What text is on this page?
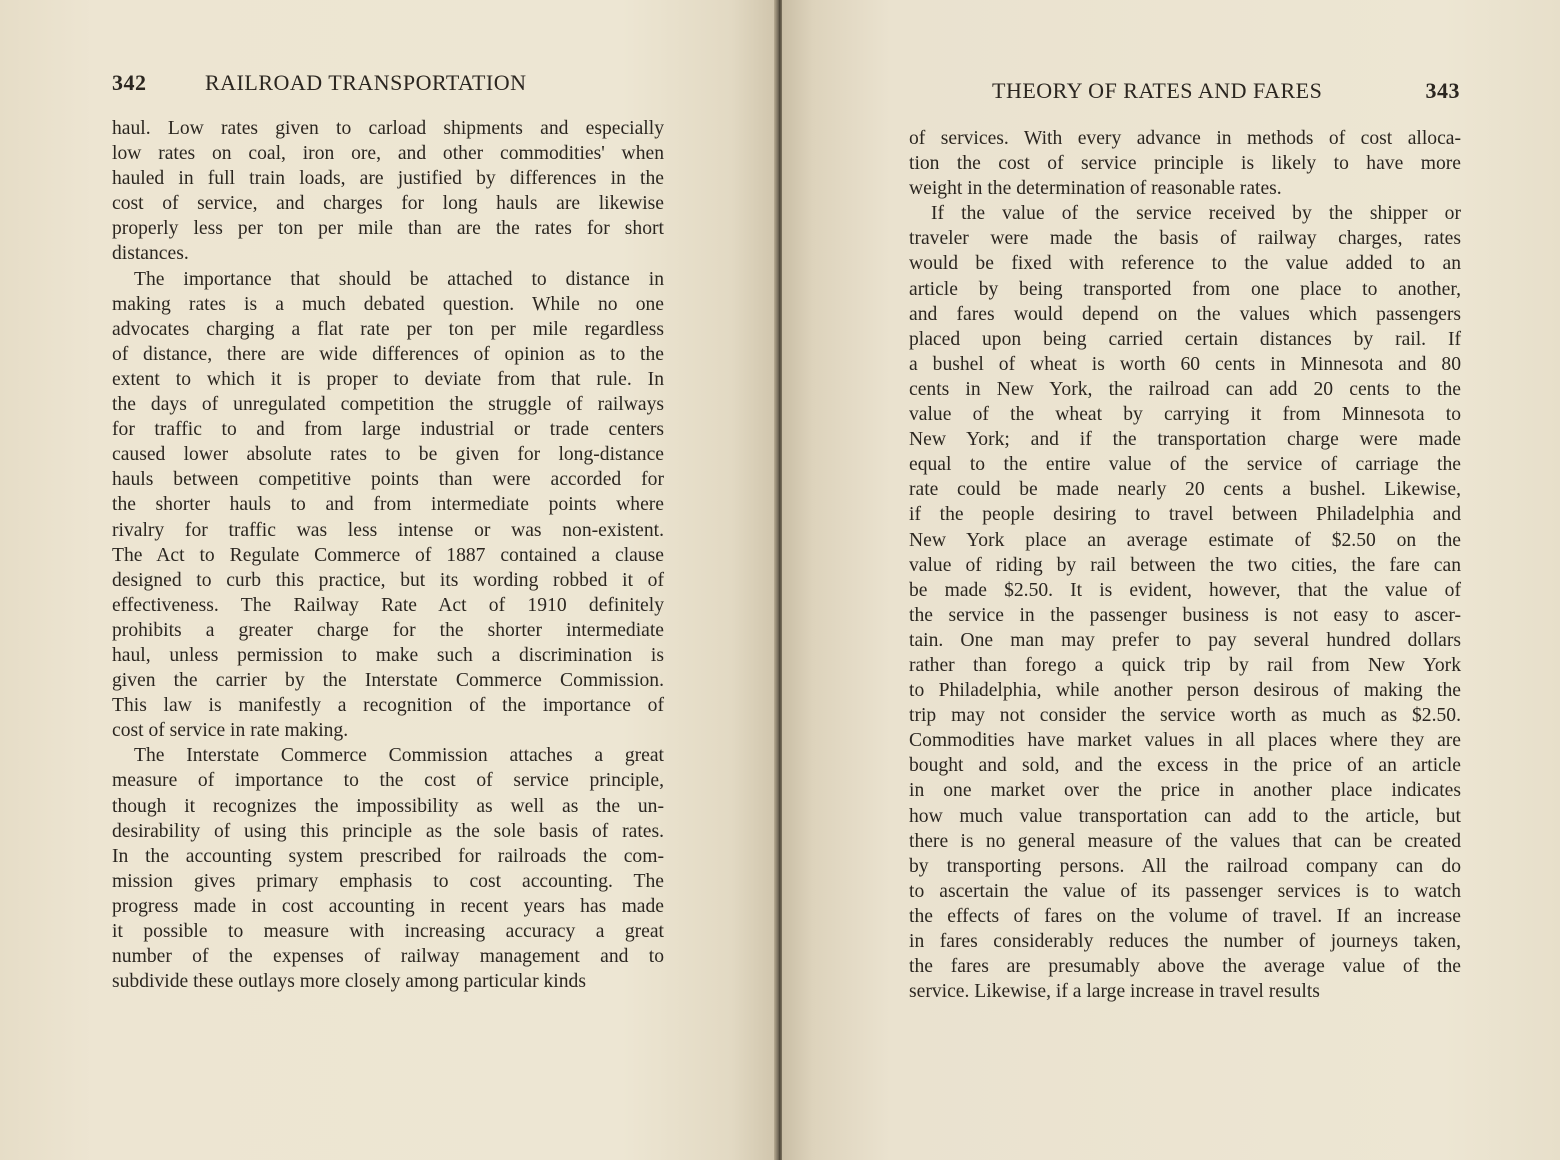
342	RAILROAD TRANSPORTATION
haul. Low rates given to carload shipments and especially
low rates on coal, iron ore, and other commodities' when
hauled in full train loads, are justified by differences in the
cost of service, and charges for long hauls are likewise
properly less per ton per mile than are the rates for short
distances.
The importance that should be attached to distance in
making rates is a much debated question. While no one
advocates charging a flat rate per ton per mile regardless
of distance, there are wide differences of opinion as to the
extent to which it is proper to deviate from that rule. In
the days of unregulated competition the struggle of railways
for traffic to and from large industrial or trade centers
caused lower absolute rates to be given for long-distance
hauls between competitive points than were accorded for
the shorter hauls to and from intermediate points where
rivalry for traffic was less intense or was non-existent.
The Act to Regulate Commerce of 1887 contained a clause
designed to curb this practice, but its wording robbed it of
effectiveness. The Railway Rate Act of 1910 definitely
prohibits a greater charge for the shorter intermediate
haul, unless permission to make such a discrimination is
given the carrier by the Interstate Commerce Commission.
This law is manifestly a recognition of the importance of
cost of service in rate making.
The Interstate Commerce Commission attaches a great
measure of importance to the cost of service principle,
though it recognizes the impossibility as well as the un-
desirability of using this principle as the sole basis of rates.
In the accounting system prescribed for railroads the com-
mission gives primary emphasis to cost accounting. The
progress made in cost accounting in recent years has made
it possible to measure with increasing accuracy a great
number of the expenses of railway management and to
subdivide these outlays more closely among particular kinds
THEORY OF RATES AND FARES	343
of services. With every advance in methods of cost alloca-
tion the cost of service principle is likely to have more
weight in the determination of reasonable rates.
If the value of the service received by the shipper or
traveler were made the basis of railway charges, rates
would be fixed with reference to the value added to an
article by being transported from one place to another,
and fares would depend on the values which passengers
placed upon being carried certain distances by rail. If
a bushel of wheat is worth 60 cents in Minnesota and 80
cents in New York, the railroad can add 20 cents to the
value of the wheat by carrying it from Minnesota to
New York; and if the transportation charge were made
equal to the entire value of the service of carriage the
rate could be made nearly 20 cents a bushel. Likewise,
if the people desiring to travel between Philadelphia and
New York place an average estimate of $2.50 on the
value of riding by rail between the two cities, the fare can
be made $2.50. It is evident, however, that the value of
the service in the passenger business is not easy to ascer-
tain. One man may prefer to pay several hundred dollars
rather than forego a quick trip by rail from New York
to Philadelphia, while another person desirous of making the
trip may not consider the service worth as much as $2.50.
Commodities have market values in all places where they are
bought and sold, and the excess in the price of an article
in one market over the price in another place indicates
how much value transportation can add to the article, but
there is no general measure of the values that can be created
by transporting persons. All the railroad company can do
to ascertain the value of its passenger services is to watch
the effects of fares on the volume of travel. If an increase
in fares considerably reduces the number of journeys taken,
the fares are presumably above the average value of the
service. Likewise, if a large increase in travel results
